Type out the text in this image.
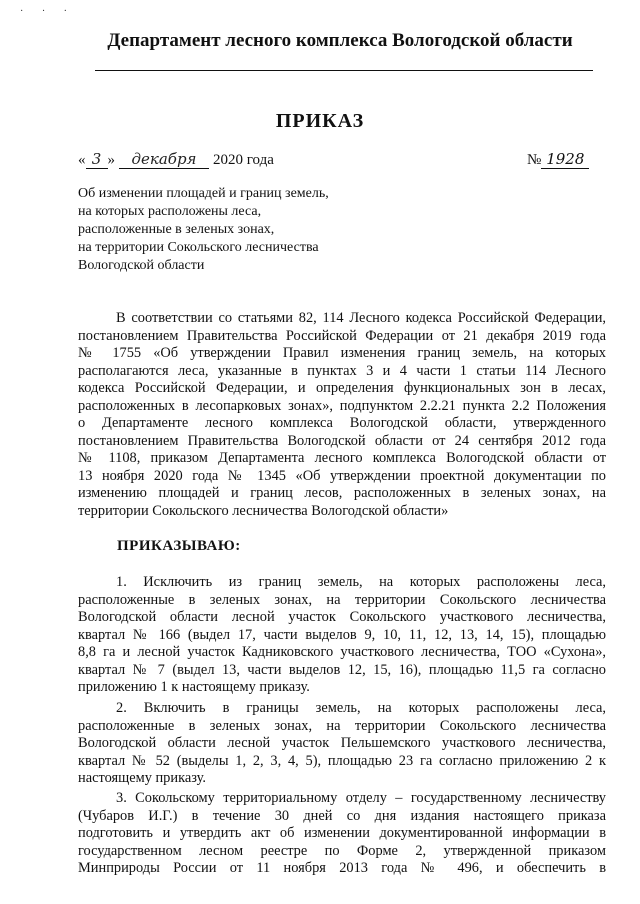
· · ·
Департамент лесного комплекса Вологодской области
ПРИКАЗ
« 3 » декабря 2020 года	№ 1928
Об изменении площадей и границ земель,
на которых расположены леса,
расположенные в зеленых зонах,
на территории Сокольского лесничества
Вологодской области
В соответствии со статьями 82, 114 Лесного кодекса Российской Федерации,
постановлением Правительства Российской Федерации от 21 декабря 2019 года
№ 1755 «Об утверждении Правил изменения границ земель, на которых
располагаются леса, указанные в пунктах 3 и 4 части 1 статьи 114 Лесного
кодекса Российской Федерации, и определения функциональных зон в лесах,
расположенных в лесопарковых зонах», подпунктом 2.2.21 пункта 2.2 Положения
о Департаменте лесного комплекса Вологодской области, утвержденного
постановлением Правительства Вологодской области от 24 сентября 2012 года
№ 1108, приказом Департамента лесного комплекса Вологодской области от
13 ноября 2020 года № 1345 «Об утверждении проектной документации по
изменению площадей и границ лесов, расположенных в зеленых зонах, на
территории Сокольского лесничества Вологодской области»
ПРИКАЗЫВАЮ:
1. Исключить из границ земель, на которых расположены леса,
расположенные в зеленых зонах, на территории Сокольского лесничества
Вологодской области лесной участок Сокольского участкового лесничества,
квартал № 166 (выдел 17, части выделов 9, 10, 11, 12, 13, 14, 15), площадью
8,8 га и лесной участок Кадниковского участкового лесничества, ТОО «Сухона»,
квартал № 7 (выдел 13, части выделов 12, 15, 16), площадью 11,5 га согласно
приложению 1 к настоящему приказу.
2. Включить в границы земель, на которых расположены леса,
расположенные в зеленых зонах, на территории Сокольского лесничества
Вологодской области лесной участок Пельшемского участкового лесничества,
квартал № 52 (выделы 1, 2, 3, 4, 5), площадью 23 га согласно приложению 2 к
настоящему приказу.
3. Сокольскому территориальному отделу – государственному лесничеству
(Чубаров И.Г.) в течение 30 дней со дня издания настоящего приказа
подготовить и утвердить акт об изменении документированной информации в
государственном лесном реестре по Форме 2, утвержденной приказом
Минприроды России от 11 ноября 2013 года № 496, и обеспечить в
